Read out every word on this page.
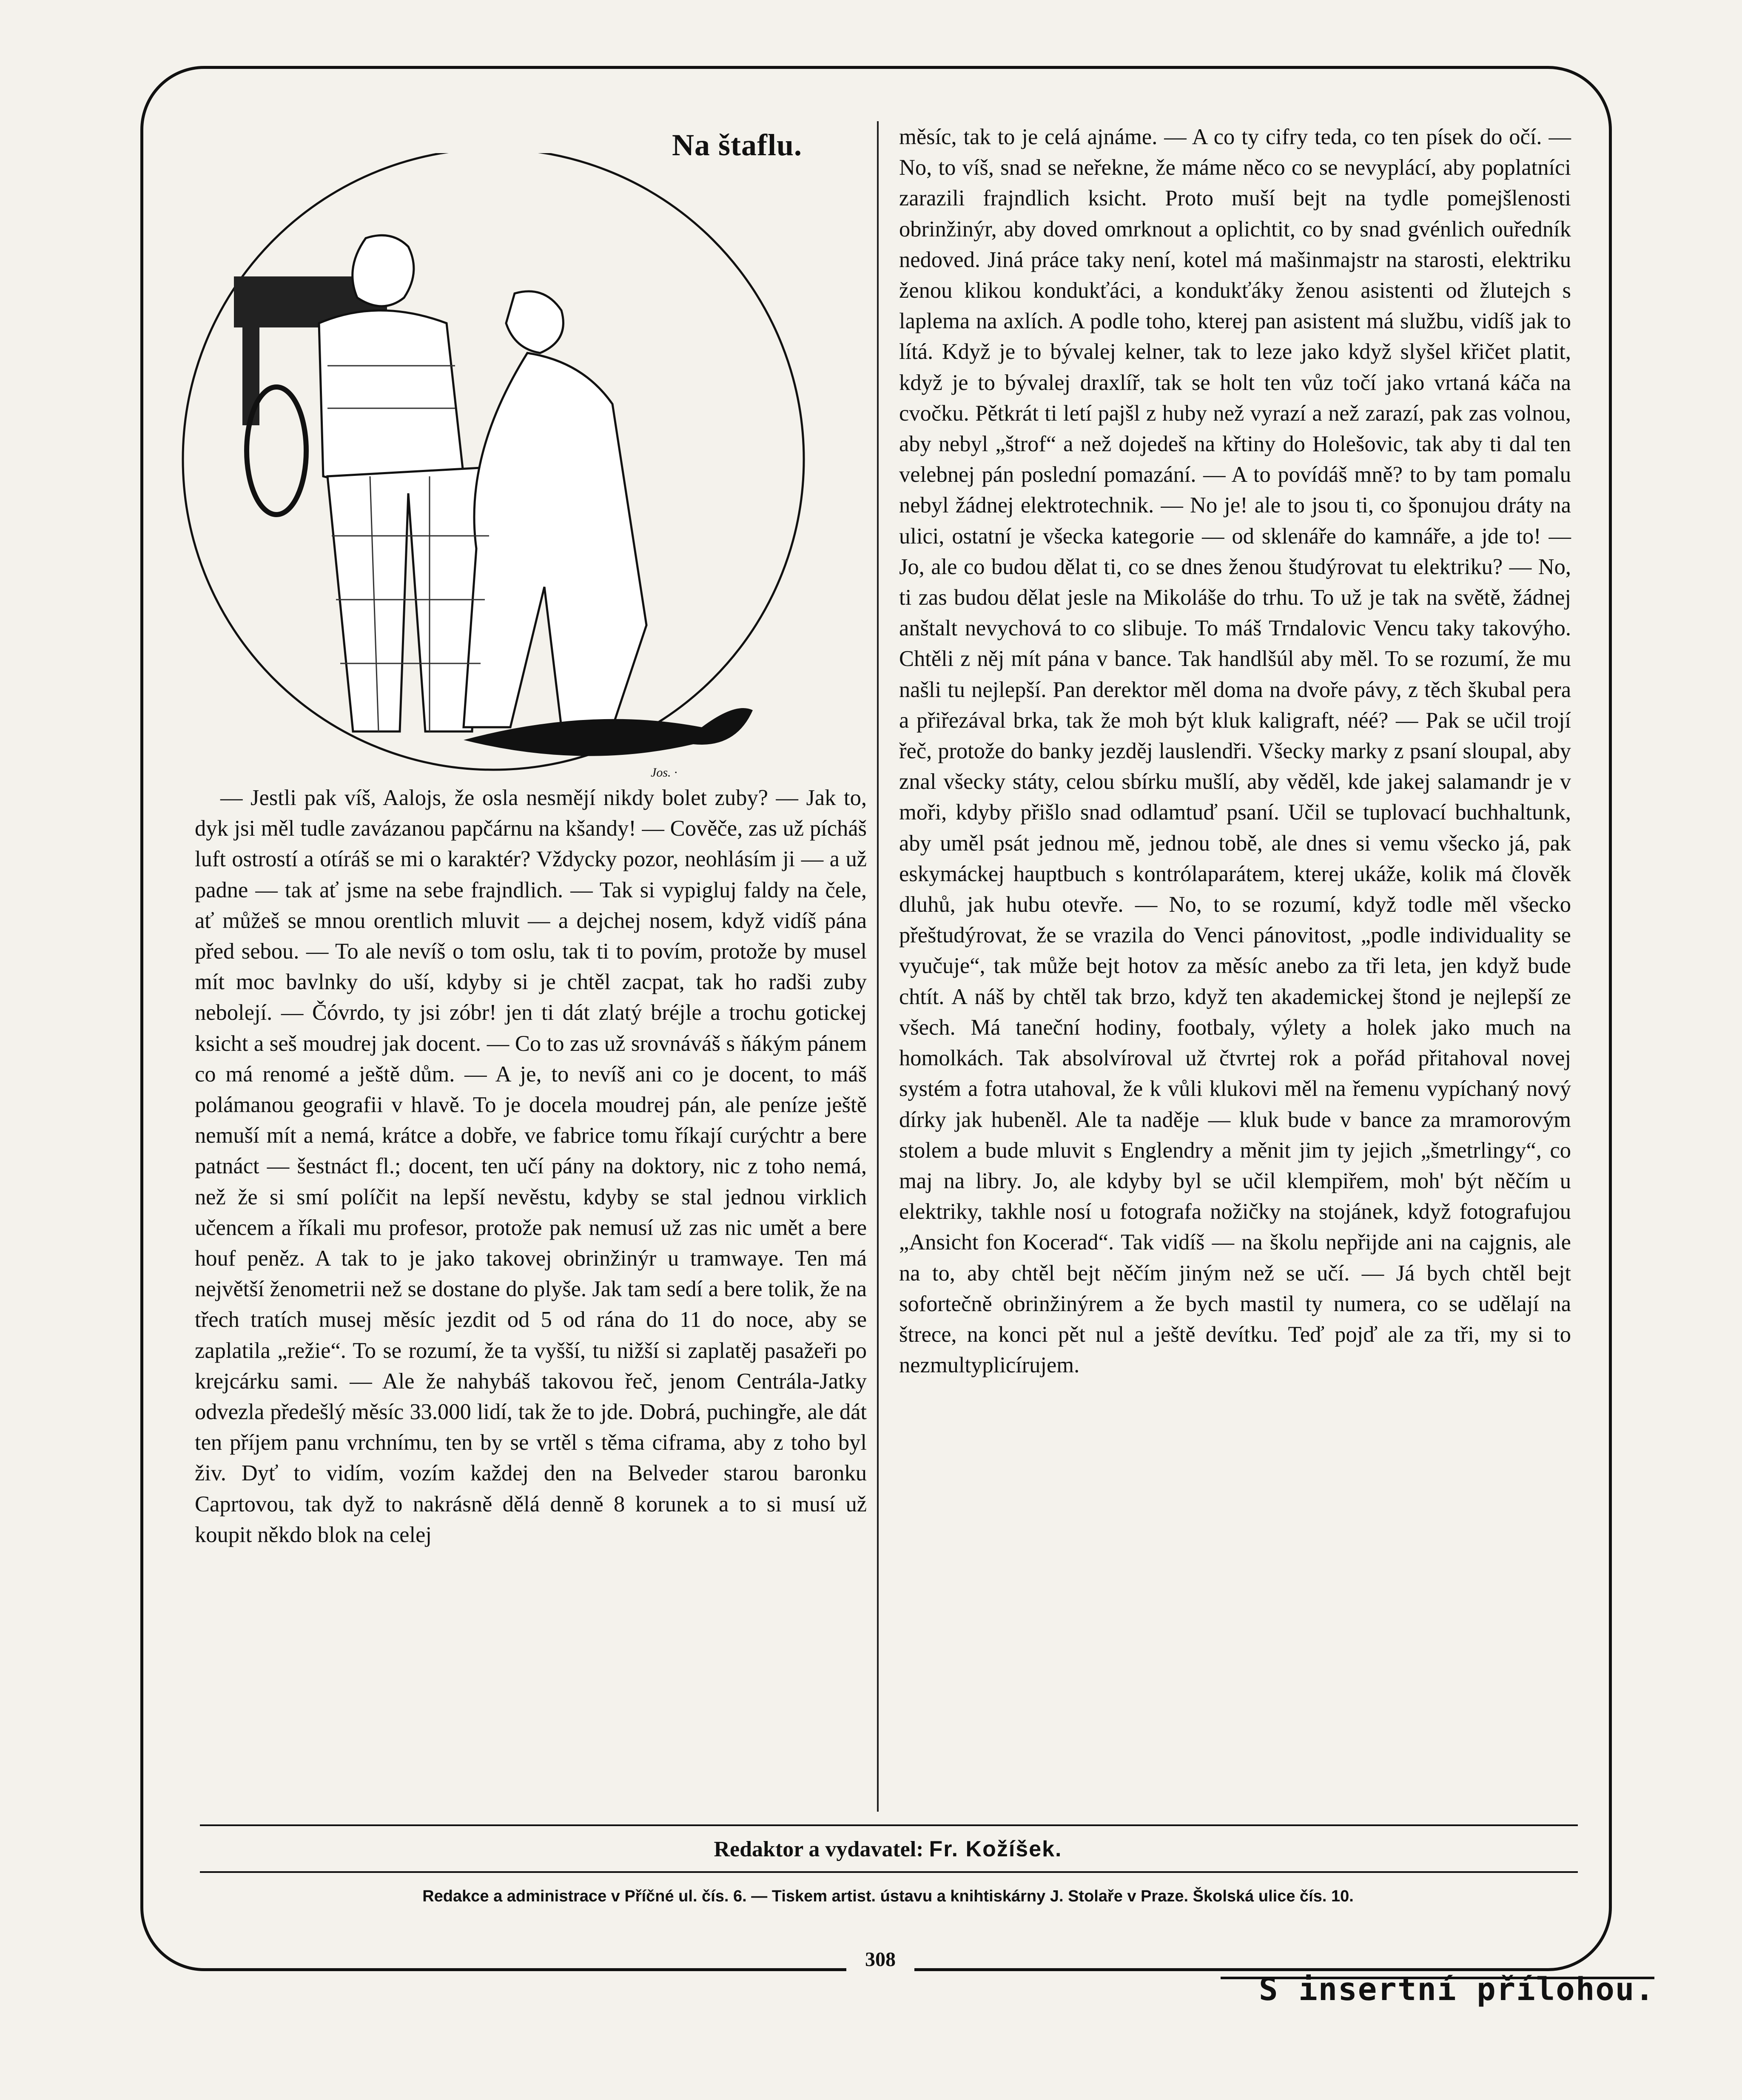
Na štaflu.
Jos. ·

— Jestli pak víš, Aalojs, že osla nesmějí nikdy bolet zuby? — Jak to, dyk jsi měl tudle zavázanou papčárnu na kšandy! — Cověče, zas už pícháš luft ostrostí a otíráš se mi o karaktér? Vždycky pozor, neohlásím ji — a už padne — tak ať jsme na sebe frajndlich. — Tak si vypigluj faldy na čele, ať můžeš se mnou orentlich mluvit — a dejchej nosem, když vidíš pána před sebou. — To ale nevíš o tom oslu, tak ti to povím, protože by musel mít moc bavlnky do uší, kdyby si je chtěl zacpat, tak ho radši zuby nebolejí. — Čóvrdo, ty jsi zóbr! jen ti dát zlatý bréjle a trochu gotickej ksicht a seš moudrej jak docent. — Co to zas už srovnáváš s ňákým pánem co má renomé a ještě dům. — A je, to nevíš ani co je docent, to máš polámanou geografii v hlavě. To je docela moudrej pán, ale peníze ještě nemuší mít a nemá, krátce a dobře, ve fabrice tomu říkají curýchtr a bere patnáct — šestnáct fl.; docent, ten učí pány na doktory, nic z toho nemá, než že si smí políčit na lepší nevěstu, kdyby se stal jednou virklich učencem a říkali mu profesor, protože pak nemusí už zas nic umět a bere houf peněz. A tak to je jako takovej obrinžinýr u tramwaye. Ten má největší ženometrii než se dostane do plyše. Jak tam sedí a bere tolik, že na třech tratích musej měsíc jezdit od 5 od rána do 11 do noce, aby se zaplatila „režie“. To se rozumí, že ta vyšší, tu nižší si zaplatěj pasažeři po krejcárku sami. — Ale že nahybáš takovou řeč, jenom Centrála-Jatky odvezla předešlý měsíc 33.000 lidí, tak že to jde. Dobrá, puchingře, ale dát ten příjem panu vrchnímu, ten by se vrtěl s těma ciframa, aby z toho byl živ. Dyť to vidím, vozím každej den na Belveder starou baronku Caprtovou, tak dyž to nakrásně dělá denně 8 korunek a to si musí už koupit někdo blok na celej

měsíc, tak to je celá ajnáme. — A co ty cifry teda, co ten písek do očí. — No, to víš, snad se neřekne, že máme něco co se nevyplácí, aby poplatníci zarazili frajndlich ksicht. Proto muší bejt na tydle pomejšlenosti obrinžinýr, aby doved omrknout a oplichtit, co by snad gvénlich ouředník nedoved. Jiná práce taky není, kotel má mašinmajstr na starosti, elektriku ženou klikou kondukťáci, a kondukťáky ženou asistenti od žlutejch s laplema na axlích. A podle toho, kterej pan asistent má službu, vidíš jak to lítá. Když je to bývalej kelner, tak to leze jako když slyšel křičet platit, když je to bývalej draxlíř, tak se holt ten vůz točí jako vrtaná káča na cvočku. Pětkrát ti letí pajšl z huby než vyrazí a než zarazí, pak zas volnou, aby nebyl „štrof“ a než dojedeš na křtiny do Holešovic, tak aby ti dal ten velebnej pán poslední pomazání. — A to povídáš mně? to by tam pomalu nebyl žádnej elektrotechnik. — No je! ale to jsou ti, co šponujou dráty na ulici, ostatní je všecka kategorie — od sklenáře do kamnáře, a jde to! — Jo, ale co budou dělat ti, co se dnes ženou študýrovat tu elektriku? — No, ti zas budou dělat jesle na Mikoláše do trhu. To už je tak na světě, žádnej anštalt nevychová to co slibuje. To máš Trndalovic Vencu taky takovýho. Chtěli z něj mít pána v bance. Tak handlšúl aby měl. To se rozumí, že mu našli tu nejlepší. Pan derektor měl doma na dvoře pávy, z těch škubal pera a přiřezával brka, tak že moh být kluk kaligraft, néé? — Pak se učil trojí řeč, protože do banky jezděj lauslendři. Všecky marky z psaní sloupal, aby znal všecky státy, celou sbírku mušlí, aby věděl, kde jakej salamandr je v moři, kdyby přišlo snad odlamtuď psaní. Učil se tuplovací buchhaltunk, aby uměl psát jednou mě, jednou tobě, ale dnes si vemu všecko já, pak eskymáckej hauptbuch s kontrólaparátem, kterej ukáže, kolik má člověk dluhů, jak hubu otevře. — No, to se rozumí, když todle měl všecko přeštudýrovat, že se vrazila do Venci pánovitost, „podle individuality se vyučuje“, tak může bejt hotov za měsíc anebo za tři leta, jen když bude chtít. A náš by chtěl tak brzo, když ten akademickej štond je nejlepší ze všech. Má taneční hodiny, footbaly, výlety a holek jako much na homolkách. Tak absolvíroval už čtvrtej rok a pořád přitahoval novej systém a fotra utahoval, že k vůli klukovi měl na řemenu vypíchaný nový dírky jak hubeněl. Ale ta naděje — kluk bude v bance za mramorovým stolem a bude mluvit s Englendry a měnit jim ty jejich „šmetrlingy“, co maj na libry. Jo, ale kdyby byl se učil klempiřem, moh' být něčím u elektriky, takhle nosí u fotografa nožičky na stojánek, když fotografujou „Ansicht fon Kocerad“. Tak vidíš — na školu nepřijde ani na cajgnis, ale na to, aby chtěl bejt něčím jiným než se učí. — Já bych chtěl bejt sofortečně obrinžinýrem a že bych mastil ty numera, co se udělají na štrece, na konci pět nul a ještě devítku. Teď pojď ale za tři, my si to nezmultyplicírujem.

Redaktor a vydavatel: Fr. Kožíšek.
Redakce a administrace v Příčné ul. čís. 6. — Tiskem artist. ústavu a knihtiskárny J. Stolaře v Praze. Školská ulice čís. 10.
308
S insertní přílohou.
